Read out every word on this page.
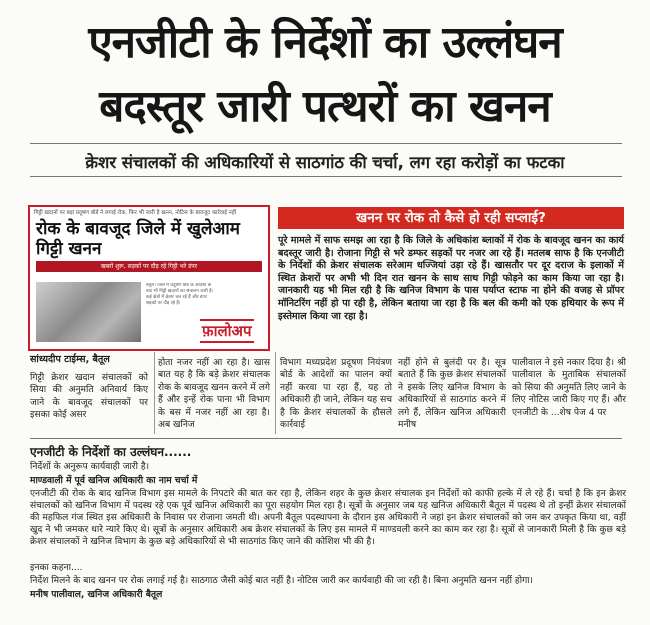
एनजीटी के निर्देशों का उल्लंघन
बदस्तूर जारी पत्थरों का खनन
क्रेशर संचालकों की अधिकारियों से साठगांठ की चर्चा, लग रहा करोड़ों का फटका
गिट्टी खदानों पर बड़ा प्रदूषण बोर्ड ने लगाई रोक, फिर भी जारी है खनन, नोटिस के बावजूद कार्रवाई नहीं
रोक के बावजूद जिले में खुलेआम गिट्टी खनन
खबरों शुरू, सड़कों पर दौड़ रहे गिट्टी भरे डंपर
बैतूल। जिले में प्रदूषण बोर्ड के आदेशों के बाद भी गिट्टी खदानों का संचालन जारी है। कई क्षेत्रों में क्रेशर चल रहे हैं और डंपर सड़कों पर दौड़ रहे हैं।
फ़ालोअप
खनन पर रोक तो कैसे हो रही सप्लाई?
पूरे मामले में साफ समझ आ रहा है कि जिले के अधिकांश ब्लाकों में रोक के बावजूद खनन का कार्य बदस्तूर जारी है। रोजाना गिट्टी से भरे डम्फर सड़कों पर नजर आ रहे हैं। मतलब साफ है कि एनजीटी के निर्देशों की क्रेशर संचालक सरेआम धज्जियां उड़ा रहे हैं। खासतौर पर दूर दराज के इलाकों में स्थित क्रेशरों पर अभी भी दिन रात खनन के साथ साथ गिट्टी फोड़ने का काम किया जा रहा है। जानकारी यह भी मिल रही है कि खनिज विभाग के पास पर्याप्त स्टाफ ना होने की वजह से प्रॉपर मॉनिटरिंग नहीं हो पा रही है, लेकिन बताया जा रहा है कि बल की कमी को एक हथियार के रूप में इस्तेमाल किया जा रहा है।
सांध्यदीप टाईम्स, बैतूल
गिट्टी क्रेशर खदान संचालकों को सिया की अनुमति अनिवार्य किए जाने के बावजूद संचालकों पर इसका कोई असर
होता नजर नहीं आ रहा है। खास बात यह है कि बड़े क्रेशर संचालक रोक के बावजूद खनन करने में लगे हैं और इन्हें रोक पाना भी विभाग के बस में नजर नहीं आ रहा है। अब खनिज
विभाग मध्यप्रदेश प्रदूषण नियंत्रण बोर्ड के आदेशों का पालन क्यों नहीं करवा पा रहा हैं, यह तो अधिकारी ही जाने, लेकिन यह सच है कि क्रेशर संचालकों के हौसले कार्रवाई
नहीं होने से बुलंदी पर है। सूत्र बताते हैं कि कुछ क्रेशर संचालकों ने इसके लिए खनिज विभाग के अधिकारियों से साठगांठ करने में लगे हैं, लेकिन खनिज अधिकारी मनीष
पालीवाल ने इसे नकार दिया है। श्री पालीवाल के मुताबिक संचालकों को सिया की अनुमति लिए जाने के लिए नोटिस जारी किए गए हैं। और एनजीटी के ...शेष पेज 4 पर
एनजीटी के निर्देशों का उल्लंघन......
निर्देशों के अनुरूप कार्यवाही जारी है।
माण्डवाली में पूर्व खनिज अधिकारी का नाम चर्चा में
एनजीटी की रोक के बाद खनिज विभाग इस मामले के निपटारे की बात कर रहा है, लेकिन शहर के कुछ क्रेशर संचालक इन निर्देशों को काफी हल्के में ले रहे हैं। चर्चा है कि इन क्रेशर संचालकों को खनिज विभाग में पदस्थ रहे एक पूर्व खनिज अधिकारी का पूरा सहयोग मिल रहा है। सूत्रों के अनुसार जब यह खनिज अधिकारी बैतूल में पदस्थ थे तो इन्हीं क्रेशर संचालकों की महफिल गंज स्थित इस अधिकारी के निवास पर रोजाना जमती थी। अपनी बैतूल पदस्थापना के दौरान इस अधिकारी ने जहां इन क्रेशर संचालकों को जम कर उपकृत किया था, वहीं खुद ने भी जमकर धारे न्यारे किए थे। सूत्रों के अनुसार अधिकारी अब क्रेशर संचालकों के लिए इस मामले में माण्डवली करने का काम कर रहा है। सूत्रों से जानकारी मिली है कि कुछ बड़े क्रेशर संचालकों ने खनिज विभाग के कुछ बड़े अधिकारियों से भी साठगांठ किए जाने की कोशिश भी की है।
इनका कहना....
निर्देश मिलने के बाद खनन पर रोक लगाई गई है। साठगाठ जैसी कोई बात नहीं है। नोटिस जारी कर कार्यवाही की जा रही है। बिना अनुमति खनन नहीं होगा।
मनीष पालीवाल, खनिज अधिकारी बैतूल
